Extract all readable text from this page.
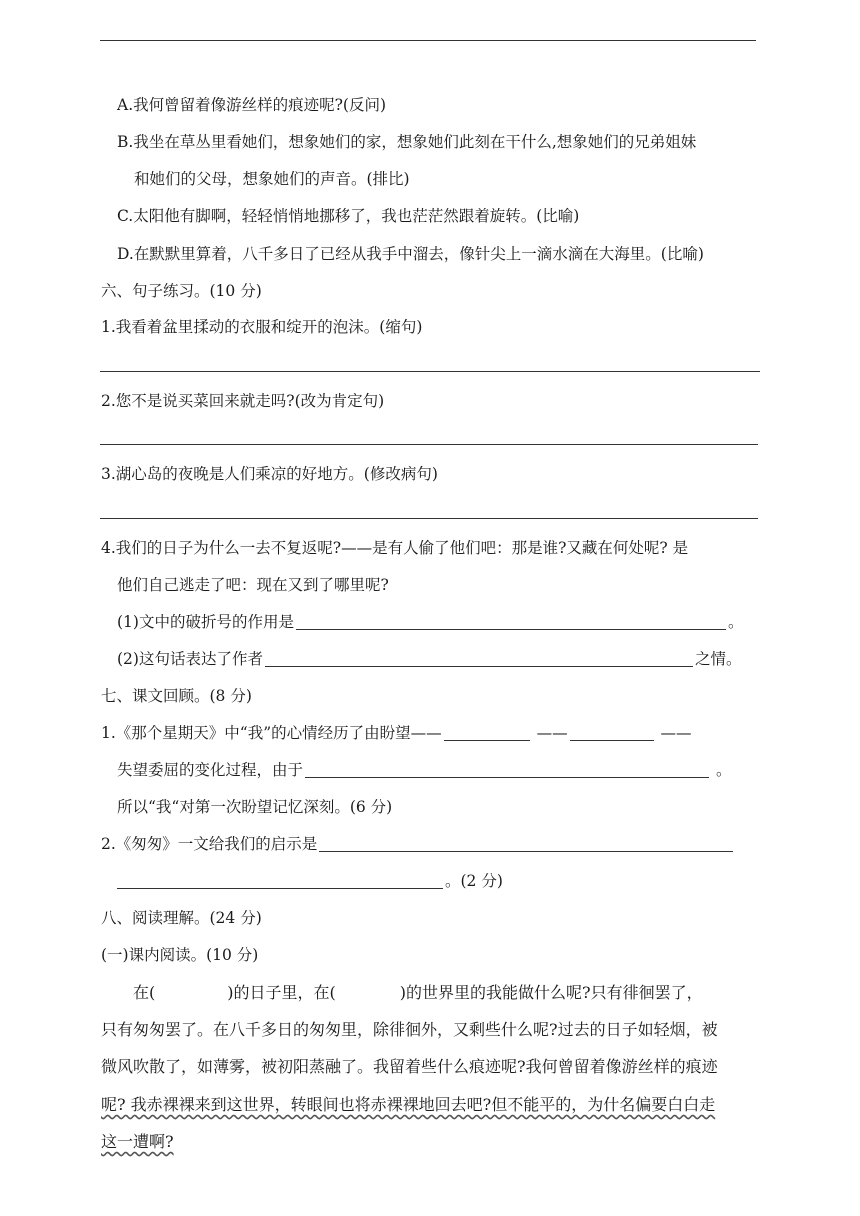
A.我何曾留着像游丝样的痕迹呢?(反问)
B.我坐在草丛里看她们，想象她们的家，想象她们此刻在干什么,想象她们的兄弟姐妹
和她们的父母，想象她们的声音。(排比)
C.太阳他有脚啊，轻轻悄悄地挪移了，我也茫茫然跟着旋转。(比喻)
D.在默默里算着，八千多日了已经从我手中溜去，像针尖上一滴水滴在大海里。(比喻)
六、句子练习。(10 分)
1.我看着盆里揉动的衣服和绽开的泡沫。(缩句)
2.您不是说买菜回来就走吗?(改为肯定句)
3.湖心岛的夜晚是人们乘凉的好地方。(修改病句)
4.我们的日子为什么一去不复返呢?——是有人偷了他们吧：那是谁?又藏在何处呢? 是
他们自己逃走了吧：现在又到了哪里呢?
(1)文中的破折号的作用是	。
(2)这句话表达了作者	之情。
七、课文回顾。(8 分)
1.《那个星期天》中“我”的心情经历了由盼望——	——	——
失望委屈的变化过程，由于	。
所以“我“对第一次盼望记忆深刻。(6 分)
2.《匆匆》一文给我们的启示是
。(2 分)
八、阅读理解。(24 分)
(一)课内阅读。(10 分)
在(	)的日子里，在(	)的世界里的我能做什么呢?只有徘徊罢了，
只有匆匆罢了。在八千多日的匆匆里，除徘徊外，又剩些什么呢?过去的日子如轻烟，被
微风吹散了，如薄雾，被初阳蒸融了。我留着些什么痕迹呢?我何曾留着像游丝样的痕迹
呢? 我赤裸裸来到这世界，转眼间也将赤裸裸地回去吧?但不能平的，为什名偏要白白走
这一遭啊?
